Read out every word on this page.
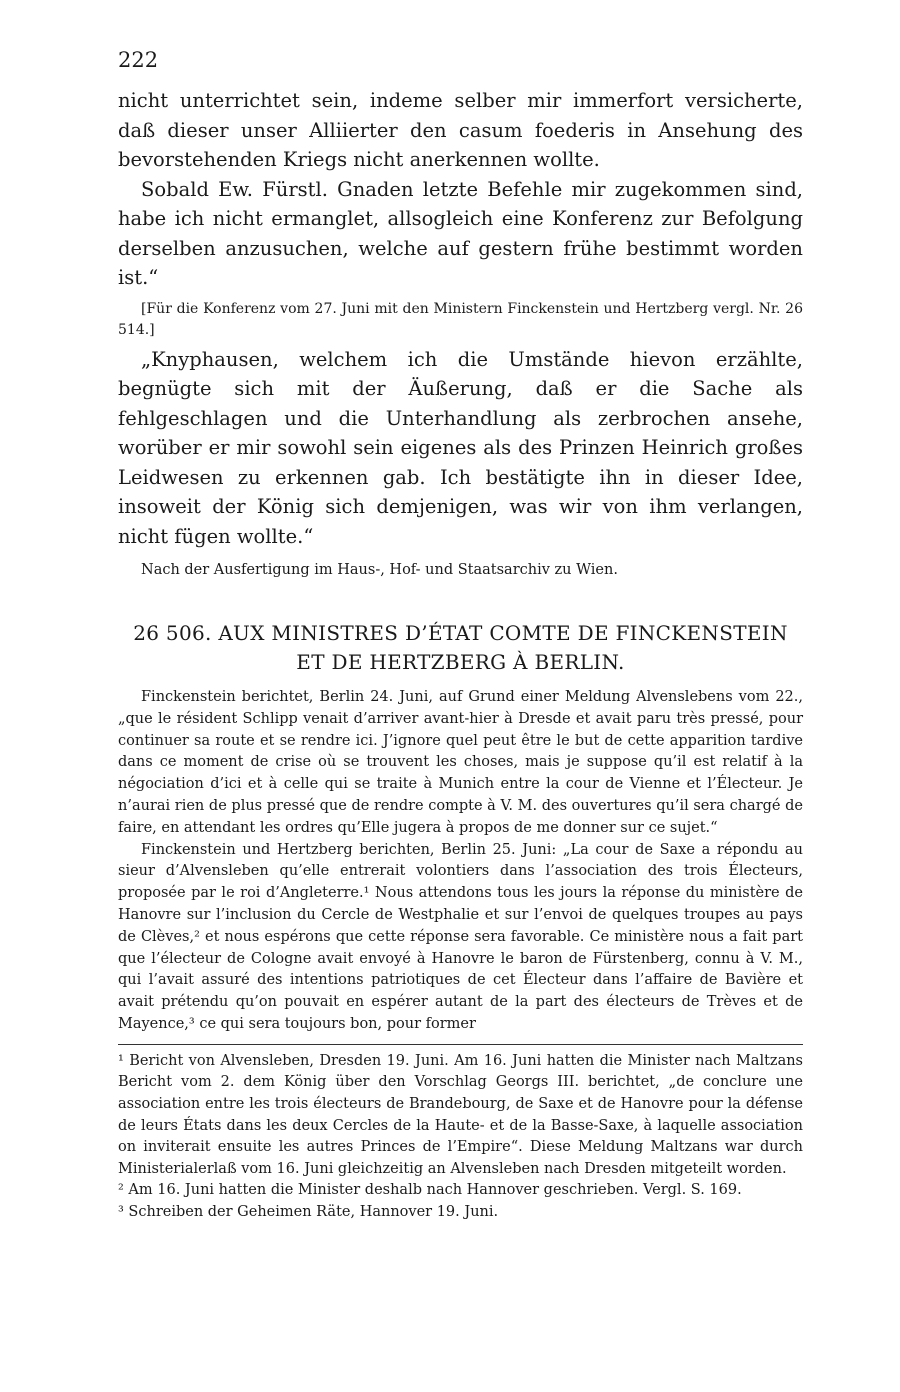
222

nicht unterrichtet sein, indeme selber mir immerfort versicherte, daß dieser unser Alliierter den casum foederis in Ansehung des bevorstehenden Kriegs nicht anerkennen wollte.

Sobald Ew. Fürstl. Gnaden letzte Befehle mir zugekommen sind, habe ich nicht ermanglet, allsogleich eine Konferenz zur Befolgung derselben anzusuchen, welche auf gestern frühe bestimmt worden ist.“

[Für die Konferenz vom 27. Juni mit den Ministern Finckenstein und Hertzberg vergl. Nr. 26 514.]

„Knyphausen, welchem ich die Umstände hievon erzählte, begnügte sich mit der Äußerung, daß er die Sache als fehlgeschlagen und die Unterhandlung als zerbrochen ansehe, worüber er mir sowohl sein eigenes als des Prinzen Heinrich großes Leidwesen zu erkennen gab. Ich bestätigte ihn in dieser Idee, insoweit der König sich demjenigen, was wir von ihm verlangen, nicht fügen wollte.“

Nach der Ausfertigung im Haus-, Hof- und Staatsarchiv zu Wien.

26 506. AUX MINISTRES D’ÉTAT COMTE DE FINCKENSTEIN
ET DE HERTZBERG À BERLIN.

Finckenstein berichtet, Berlin 24. Juni, auf Grund einer Meldung Alvenslebens vom 22., „que le résident Schlipp venait d’arriver avant-hier à Dresde et avait paru très pressé, pour continuer sa route et se rendre ici. J’ignore quel peut être le but de cette apparition tardive dans ce moment de crise où se trouvent les choses, mais je suppose qu’il est relatif à la négociation d’ici et à celle qui se traite à Munich entre la cour de Vienne et l’Électeur. Je n’aurai rien de plus pressé que de rendre compte à V. M. des ouvertures qu’il sera chargé de faire, en attendant les ordres qu’Elle jugera à propos de me donner sur ce sujet.“

Finckenstein und Hertzberg berichten, Berlin 25. Juni: „La cour de Saxe a répondu au sieur d’Alvensleben qu’elle entrerait volontiers dans l’association des trois Électeurs, proposée par le roi d’Angleterre.¹ Nous attendons tous les jours la réponse du ministère de Hanovre sur l’inclusion du Cercle de Westphalie et sur l’envoi de quelques troupes au pays de Clèves,² et nous espérons que cette réponse sera favorable. Ce ministère nous a fait part que l’électeur de Cologne avait envoyé à Hanovre le baron de Fürstenberg, connu à V. M., qui l’avait assuré des intentions patriotiques de cet Électeur dans l’affaire de Bavière et avait prétendu qu’on pouvait en espérer autant de la part des électeurs de Trèves et de Mayence,³ ce qui sera toujours bon, pour former

¹ Bericht von Alvensleben, Dresden 19. Juni. Am 16. Juni hatten die Minister nach Maltzans Bericht vom 2. dem König über den Vorschlag Georgs III. berichtet, „de conclure une association entre les trois électeurs de Brandebourg, de Saxe et de Hanovre pour la défense de leurs États dans les deux Cercles de la Haute- et de la Basse-Saxe, à laquelle association on inviterait ensuite les autres Princes de l’Empire“. Diese Meldung Maltzans war durch Ministerialerlaß vom 16. Juni gleichzeitig an Alvensleben nach Dresden mitgeteilt worden.

² Am 16. Juni hatten die Minister deshalb nach Hannover geschrieben. Vergl. S. 169.

³ Schreiben der Geheimen Räte, Hannover 19. Juni.
